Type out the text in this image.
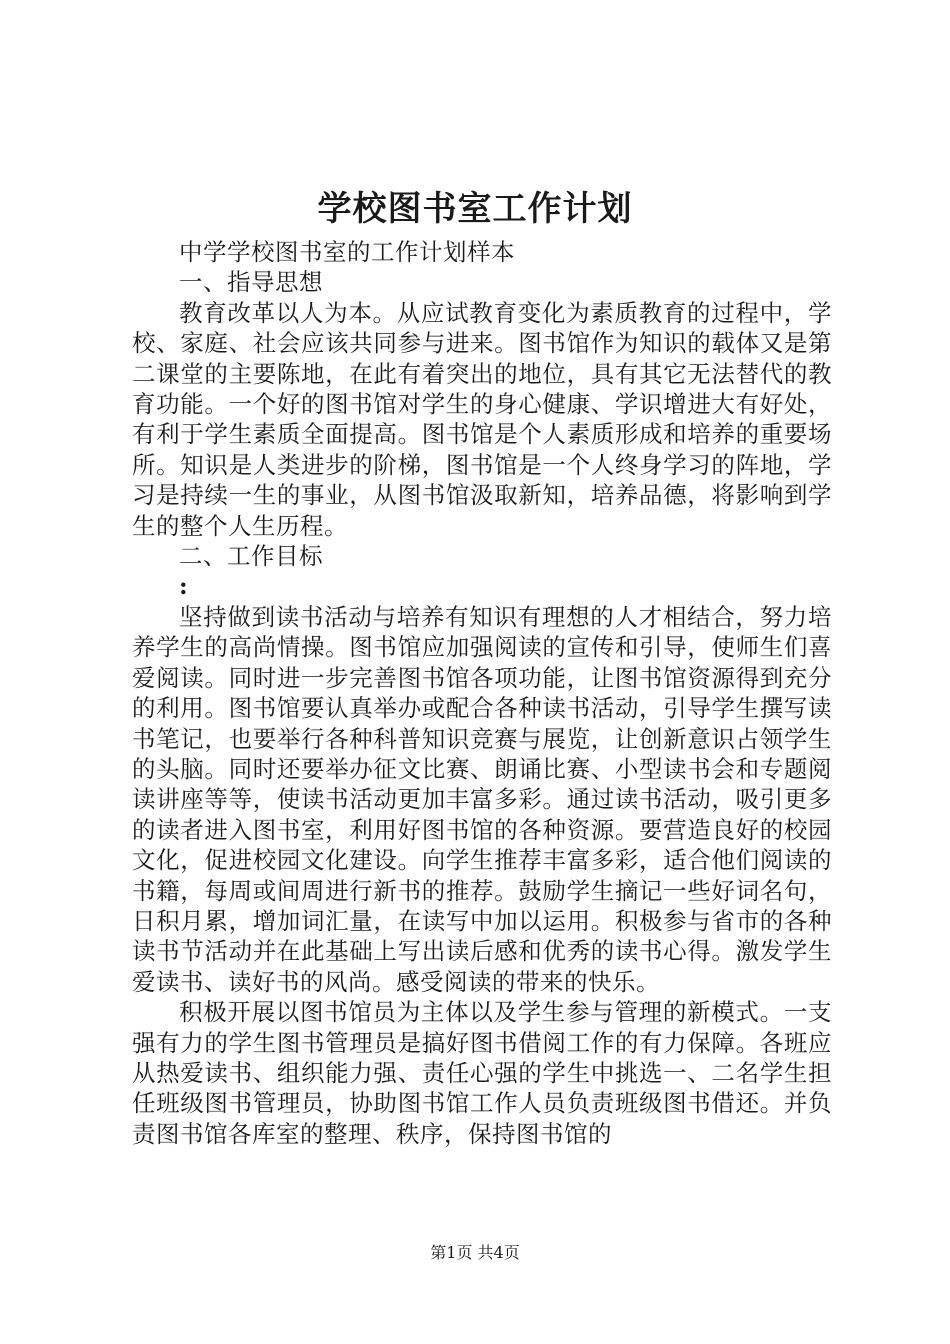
学校图书室工作计划

中学学校图书室的工作计划样本

一、指导思想

教育改革以人为本。从应试教育变化为素质教育的过程中，学校、家庭、社会应该共同参与进来。图书馆作为知识的载体又是第二课堂的主要陈地，在此有着突出的地位，具有其它无法替代的教育功能。一个好的图书馆对学生的身心健康、学识增进大有好处，有利于学生素质全面提高。图书馆是个人素质形成和培养的重要场所。知识是人类进步的阶梯，图书馆是一个人终身学习的阵地，学习是持续一生的事业，从图书馆汲取新知，培养品德，将影响到学生的整个人生历程。

二、工作目标

:

坚持做到读书活动与培养有知识有理想的人才相结合，努力培养学生的高尚情操。图书馆应加强阅读的宣传和引导，使师生们喜爱阅读。同时进一步完善图书馆各项功能，让图书馆资源得到充分的利用。图书馆要认真举办或配合各种读书活动，引导学生撰写读书笔记，也要举行各种科普知识竞赛与展览，让创新意识占领学生的头脑。同时还要举办征文比赛、朗诵比赛、小型读书会和专题阅读讲座等等，使读书活动更加丰富多彩。通过读书活动，吸引更多的读者进入图书室，利用好图书馆的各种资源。要营造良好的校园文化，促进校园文化建设。向学生推荐丰富多彩，适合他们阅读的书籍，每周或间周进行新书的推荐。鼓励学生摘记一些好词名句，日积月累，增加词汇量，在读写中加以运用。积极参与省市的各种读书节活动并在此基础上写出读后感和优秀的读书心得。激发学生爱读书、读好书的风尚。感受阅读的带来的快乐。

积极开展以图书馆员为主体以及学生参与管理的新模式。一支强有力的学生图书管理员是搞好图书借阅工作的有力保障。各班应从热爱读书、组织能力强、责任心强的学生中挑选一、二名学生担任班级图书管理员，协助图书馆工作人员负责班级图书借还。并负责图书馆各库室的整理、秩序，保持图书馆的

第1页 共4页
